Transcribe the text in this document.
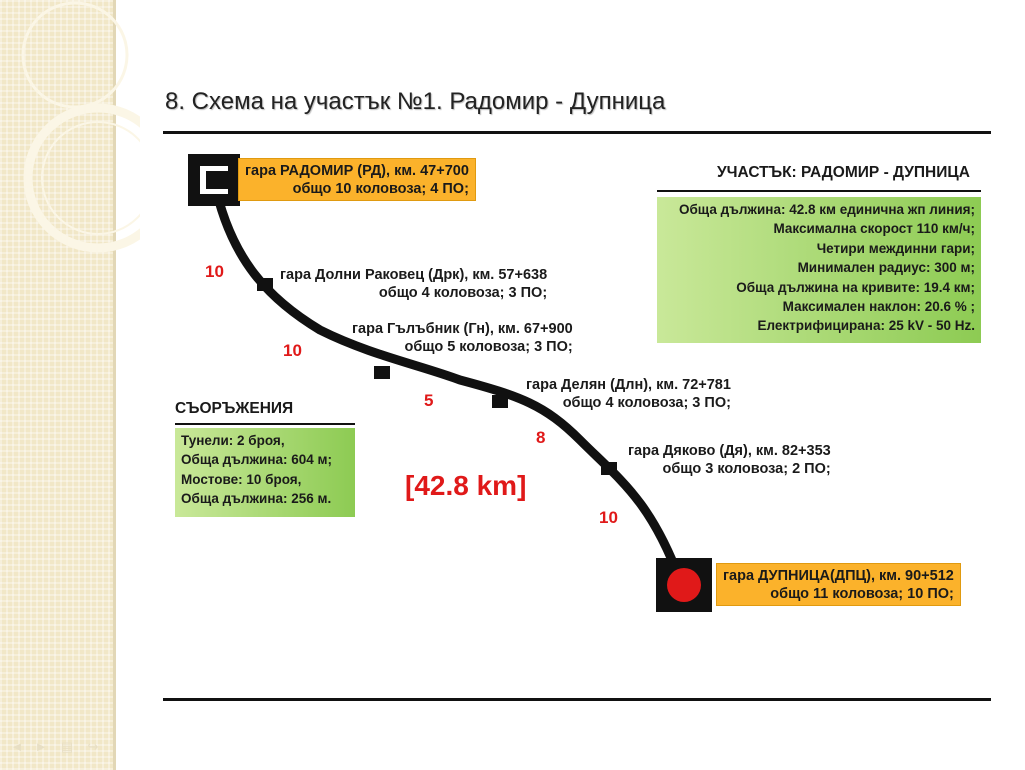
◄ ► ▤ ↪
8. Схема на участък №1. Радомир - Дупница
гара РАДОМИР (РД), км. 47+700
общо 10 коловоза; 4 ПО;
гара Долни Раковец (Дрк), км. 57+638
общо 4 коловоза; 3 ПО;
гара Гълъбник (Гн), км. 67+900
общо 5 коловоза; 3 ПО;
гара Делян (Длн), км. 72+781
общо 4 коловоза; 3 ПО;
гара Дяково (Дя), км. 82+353
общо 3 коловоза; 2 ПО;
гара ДУПНИЦА(ДПЦ), км. 90+512
общо 11 коловоза; 10 ПО;
10
10
5
8
10
УЧАСТЪК: РАДОМИР - ДУПНИЦА
Обща дължина: 42.8 км единична жп линия;
Максимална скорост 110 км/ч;
Четири междинни гари;
Минимален радиус: 300 м;
Обща дължина на кривите: 19.4 км;
Максимален наклон: 20.6 % ;
Електрифицирана: 25 kV - 50 Hz.
СЪОРЪЖЕНИЯ
Тунели: 2 броя,
Обща дължина: 604 м;
Мостове: 10 броя,
Обща дължина: 256 м.	[42.8 km]
